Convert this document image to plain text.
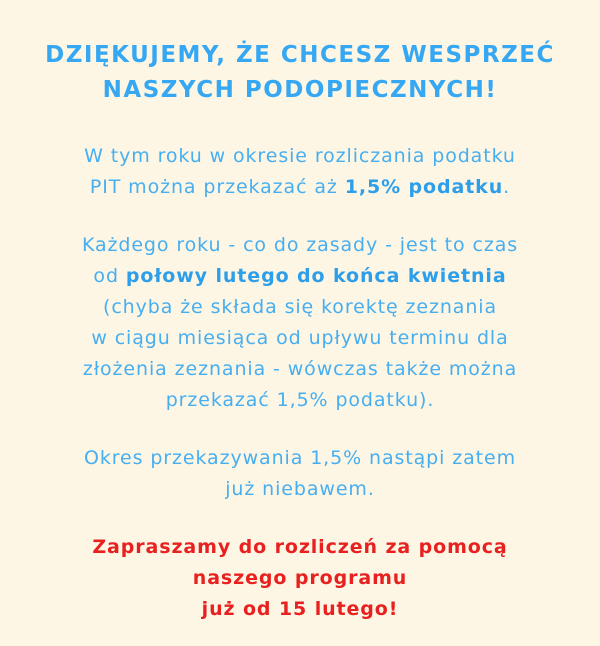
DZIĘKUJEMY, ŻE CHCESZ WESPRZEĆ
NASZYCH PODOPIECZNYCH!

W tym roku w okresie rozliczania podatku
PIT można przekazać aż 1,5% podatku.

Każdego roku - co do zasady - jest to czas
od połowy lutego do końca kwietnia
(chyba że składa się korektę zeznania
w ciągu miesiąca od upływu terminu dla
złożenia zeznania - wówczas także można
przekazać 1,5% podatku).

Okres przekazywania 1,5% nastąpi zatem
już niebawem.

Zapraszamy do rozliczeń za pomocą
naszego programu
już od 15 lutego!
